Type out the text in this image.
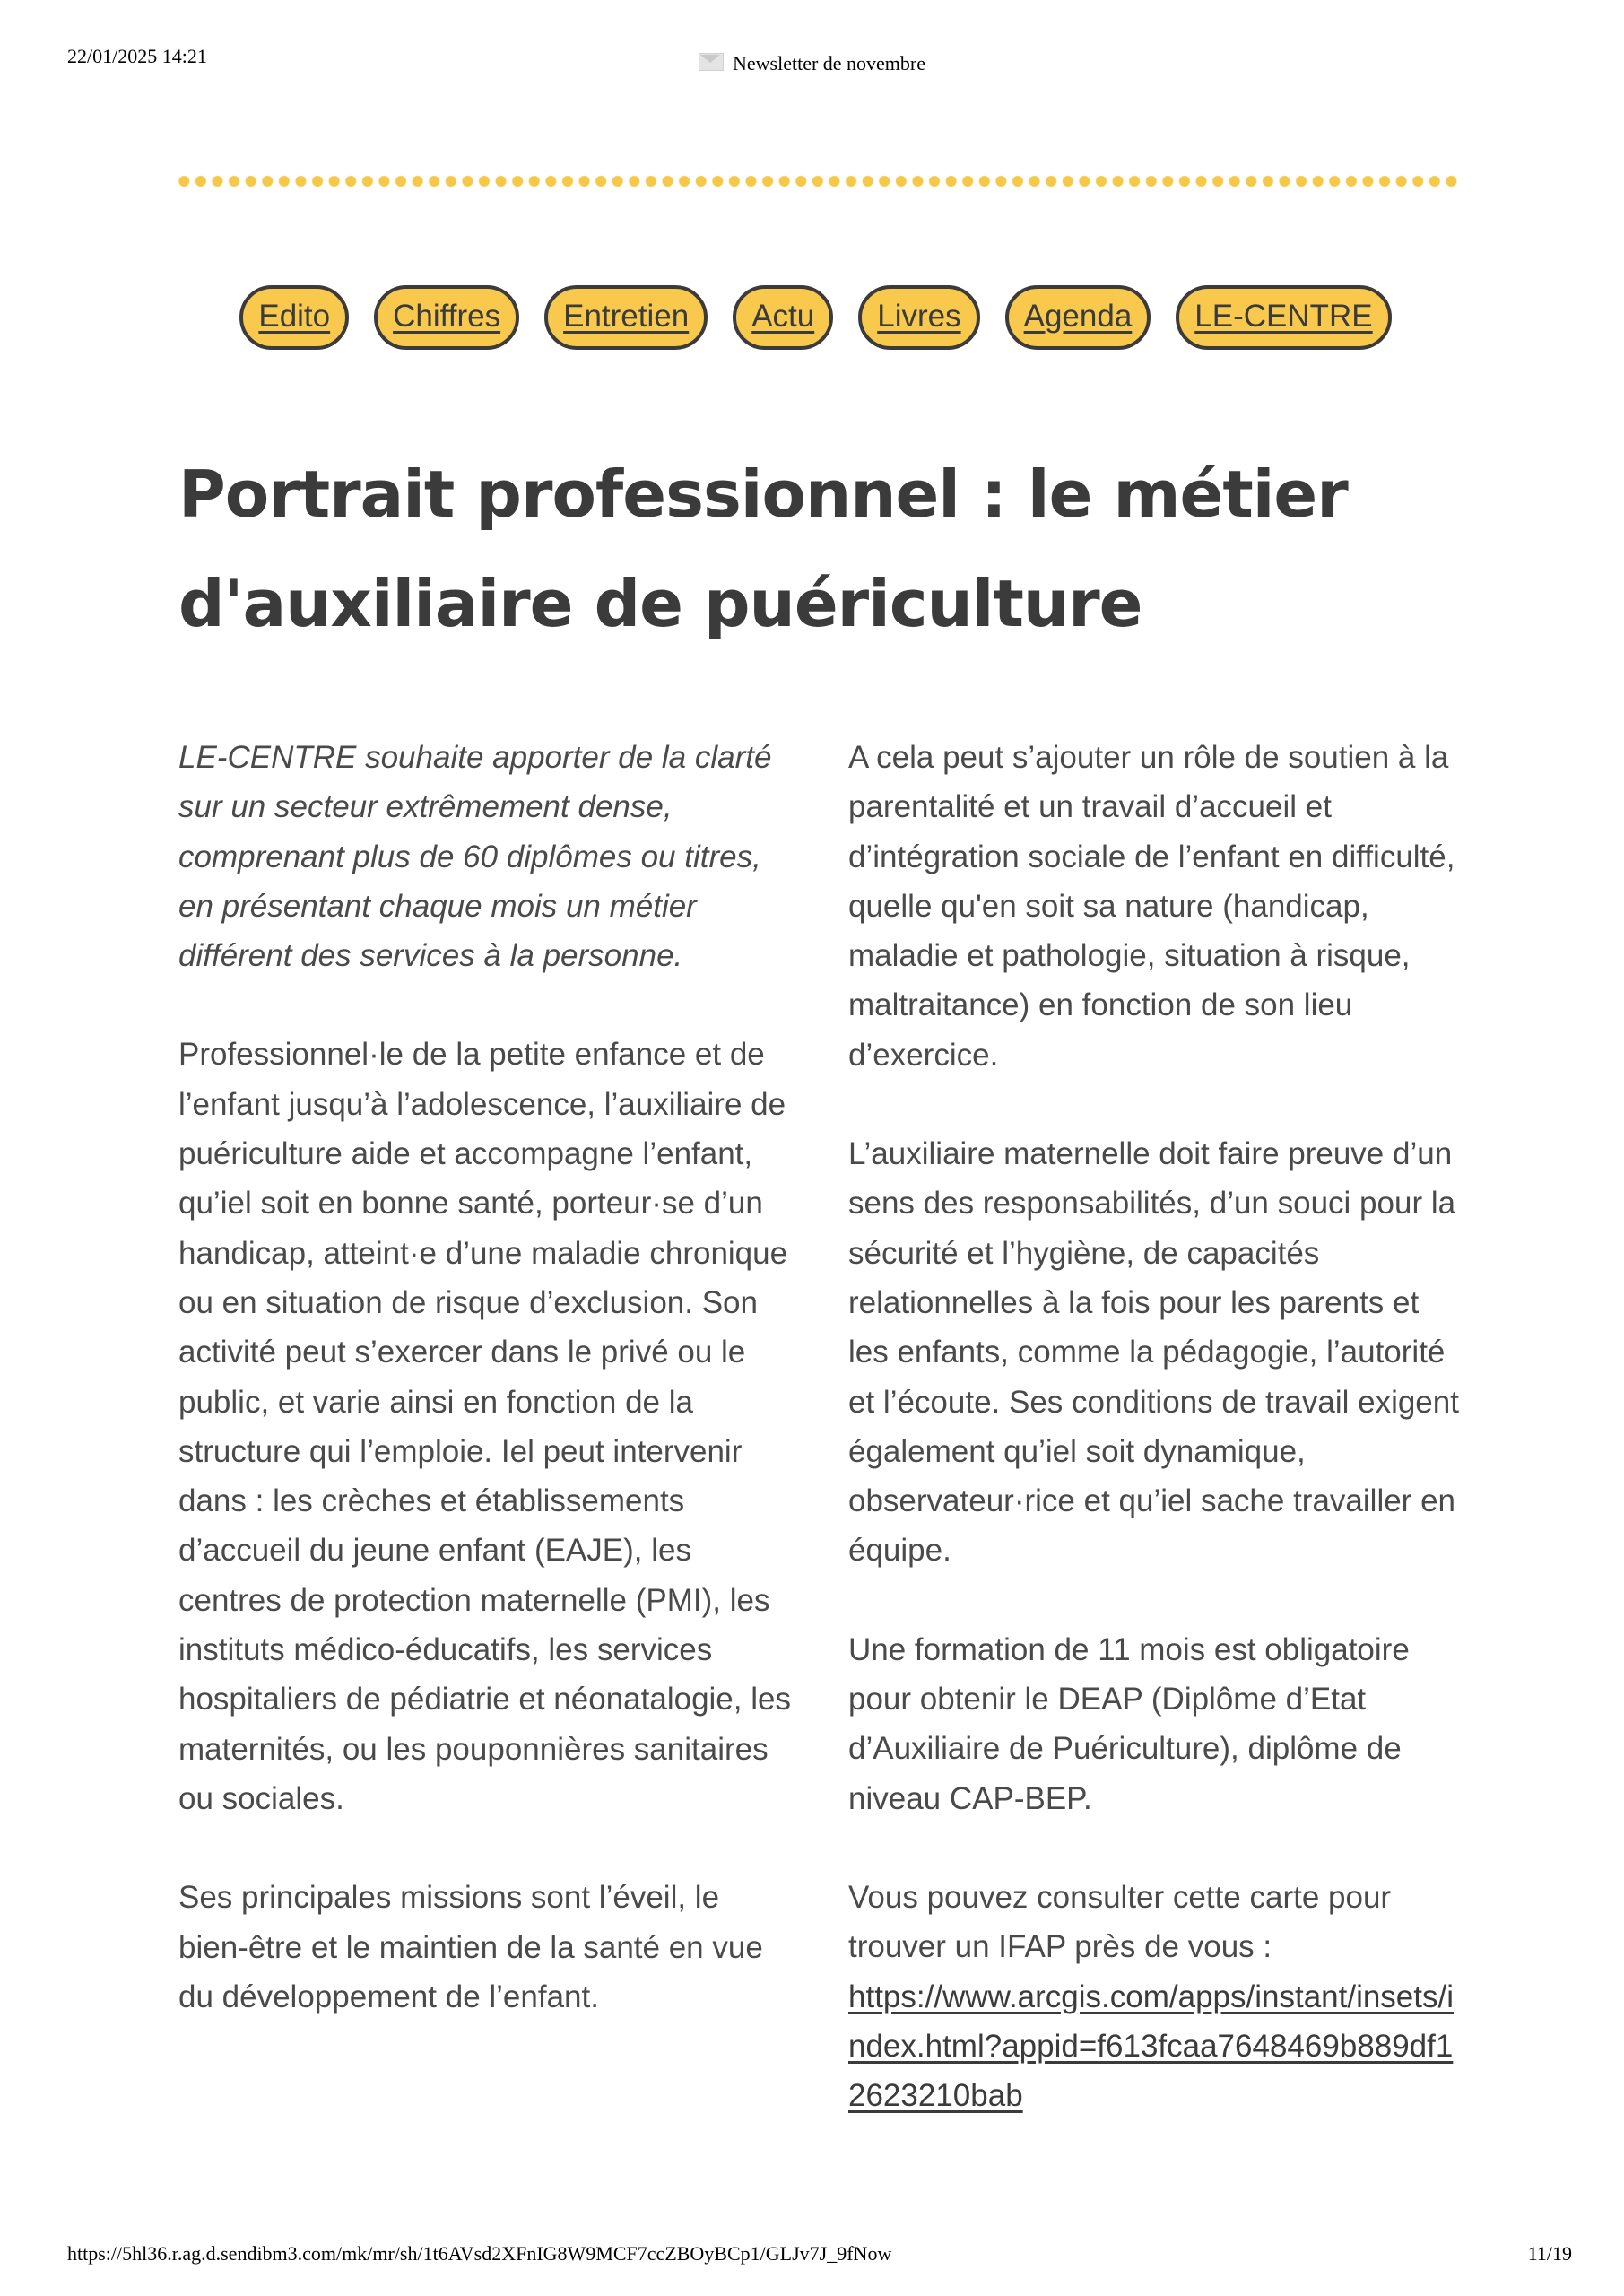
22/01/2025 14:21	Newsletter de novembre
Edito	Chiffres	Entretien	Actu	Livres	Agenda	LE-CENTRE
Portrait professionnel : le métier d'auxiliaire de puériculture

LE-CENTRE souhaite apporter de la clarté sur un secteur extrêmement dense, comprenant plus de 60 diplômes ou titres, en présentant chaque mois un métier différent des services à la personne.

Professionnel·le de la petite enfance et de l’enfant jusqu’à l’adolescence, l’auxiliaire de puériculture aide et accompagne l’enfant, qu’iel soit en bonne santé, porteur·se d’un handicap, atteint·e d’une maladie chronique ou en situation de risque d’exclusion. Son activité peut s’exercer dans le privé ou le public, et varie ainsi en fonction de la structure qui l’emploie. Iel peut intervenir dans : les crèches et établissements d’accueil du jeune enfant (EAJE), les centres de protection maternelle (PMI), les instituts médico-éducatifs, les services hospitaliers de pédiatrie et néonatalogie, les maternités, ou les pouponnières sanitaires ou sociales.

Ses principales missions sont l’éveil, le bien-être et le maintien de la santé en vue du développement de l’enfant.

A cela peut s’ajouter un rôle de soutien à la parentalité et un travail d’accueil et d’intégration sociale de l’enfant en difficulté, quelle qu'en soit sa nature (handicap, maladie et pathologie, situation à risque, maltraitance) en fonction de son lieu d’exercice.

L’auxiliaire maternelle doit faire preuve d’un sens des responsabilités, d’un souci pour la sécurité et l’hygiène, de capacités relationnelles à la fois pour les parents et les enfants, comme la pédagogie, l’autorité et l’écoute. Ses conditions de travail exigent également qu’iel soit dynamique, observateur·rice et qu’iel sache travailler en équipe.

Une formation de 11 mois est obligatoire pour obtenir le DEAP (Diplôme d’Etat d’Auxiliaire de Puériculture), diplôme de niveau CAP-BEP.

Vous pouvez consulter cette carte pour trouver un IFAP près de vous :
https://www.arcgis.com/apps/instant/insets/index.html?appid=f613fcaa7648469b889df12623210bab

https://5hl36.r.ag.d.sendibm3.com/mk/mr/sh/1t6AVsd2XFnIG8W9MCF7ccZBOyBCp1/GLJv7J_9fNow	11/19
